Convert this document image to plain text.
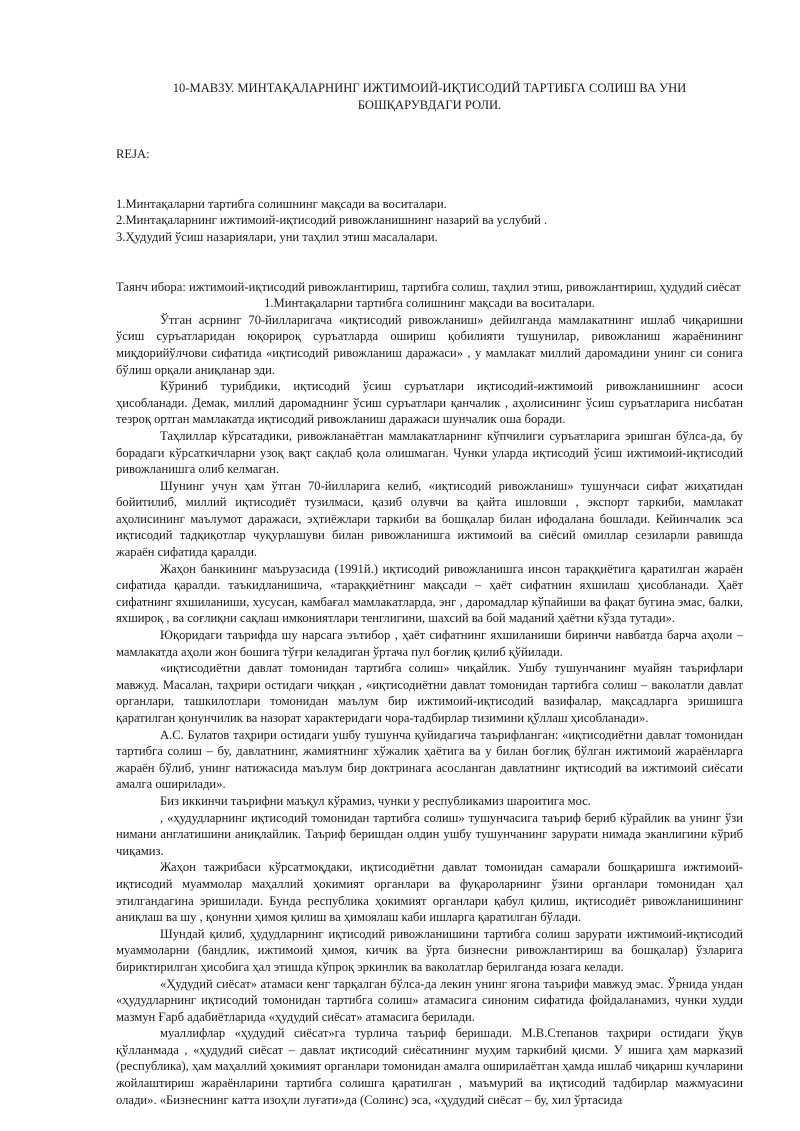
10-МАВЗУ. МИНТАҚАЛАРНИНГ ИЖТИМОИЙ-ИҚТИСОДИЙ ТАРТИБГА СОЛИШ ВА УНИ
БОШҚАРУВДАГИ РОЛИ.
REJA:
1.Минтақаларни тартибга солишнинг мақсади ва воситалари.
2.Минтақаларнинг ижтимоий-иқтисодий ривожланишнинг назарий ва услубий .
3.Ҳудудий ўсиш назариялари, уни таҳлил этиш масалалари.

Таянч ибора: ижтимоий-иқтисодий ривожлантириш, тартибга солиш, таҳлил этиш, ривожлантириш, ҳудудий сиёсат

1.Минтақаларни тартибга солишнинг мақсади ва воситалари.

Ўтган асрнинг 70-йилларигача «иқтисодий ривожланиш» дейилганда мамлакатнинг ишлаб чиқаришни ўсиш суръатларидан юқорироқ суръатларда ошириш қобилияти тушунилар, ривожланиш жараёнининг миқдорийўлчови сифатида «иқтисодий ривожланиш даражаси» , у мамлакат миллий даромадини унинг си сонига бўлиш орқали аниқланар эди.

Кўриниб турибдики, иқтисодий ўсиш суръатлари иқтисодий-ижтимоий ривожланишнинг асоси ҳисобланади. Демак, миллий даромаднинг ўсиш суръатлари қанчалик , аҳолисининг ўсиш суръатларига нисбатан тезроқ ортган мамлакатда иқтисодий ривожланиш даражаси шунчалик оша боради.

Таҳлиллар кўрсатадики, ривожланаётган мамлакатларнинг кўпчилиги суръатларига эришган бўлса-да, бу борадаги кўрсаткичларни узоқ вақт сақлаб қола олишмаган. Чунки уларда иқтисодий ўсиш ижтимоий-иқтисодий ривожланишга олиб келмаган.

Шунинг учун ҳам ўтган 70-йилларига келиб, «иқтисодий ривожланиш» тушунчаси сифат жиҳатидан бойитилиб, миллий иқтисодиёт тузилмаси, қазиб олувчи ва қайта ишловши , экспорт таркиби, мамлакат аҳолисининг маълумот даражаси, эҳтиёжлари таркиби ва бошқалар билан ифодалана бошлади. Кейинчалик эса иқтисодий тадқиқотлар чуқурлашуви билан ривожланишга ижтимоий ва сиёсий омиллар сезиларли равишда жараён сифатида қаралди.

Жаҳон банкининг маърузасида (1991й.) иқтисодий ривожланишга инсон тараққиётига қаратилган жараён сифатида қаралди. таъкидланишича, «тараққиётнинг мақсади – ҳаёт сифатнин яхшилаш ҳисобланади. Ҳаёт сифатнинг яхшиланиши, хусусан, камбағал мамлакатларда, энг , даромадлар кўпайиши ва фақат бугина эмас, балки, яхшироқ , ва соғлиқни сақлаш имкониятлари тенглигини, шахсий ва бой маданий ҳаётни кўзда тутади».

Юқоридаги таърифда шу нарсага эътибор , ҳаёт сифатнинг яхшиланиши биринчи навбатда барча аҳоли – мамлакатда аҳоли жон бошига тўғри келадиган ўртача пул боғлиқ қилиб қўйилади.

«иқтисодиётни давлат томонидан тартибга солиш» чиқайлик. Ушбу тушунчанинг муайян таърифлари мавжуд. Масалан, таҳрири остидаги чиққан , «иқтисодиётни давлат томонидан тартибга солиш – ваколатли давлат органлари, ташкилотлари томонидан маълум бир ижтимоий-иқтисодий вазифалар, мақсадларга эришишга қаратилган қонунчилик ва назорат характеридаги чора-тадбирлар тизимини қўллаш ҳисобланади».

А.С. Булатов таҳрири остидаги ушбу тушунча қуйидагича таърифланган: «иқтисодиётни давлат томонидан тартибга солиш – бу, давлатнинг, жамиятнинг хўжалик ҳаётига ва у билан боғлиқ бўлган ижтимоий жараёнларга жараён бўлиб, унинг натижасида маълум бир доктринага асосланган давлатнинг иқтисодий ва ижтимоий сиёсати амалга оширилади».

Биз иккинчи таърифни маъқул кўрамиз, чунки у республикамиз шароитига мос.

, «ҳудудларнинг иқтисодий томонидан тартибга солиш» тушунчасига таъриф бериб кўрайлик ва унинг ўзи нимани англатишини аниқлайлик. Таъриф беришдан олдин ушбу тушунчанинг зарурати нимада эканлигини кўриб чиқамиз.

Жаҳон тажрибаси кўрсатмоқдаки, иқтисодиётни давлат томонидан самарали бошқаришга ижтимоий-иқтисодий муаммолар маҳаллий ҳокимият органлари ва фуқароларнинг ўзини органлари томонидан ҳал этилгандагина эришилади. Бунда республика ҳокимият органлари қабул қилиш, иқтисодиёт ривожланишининг аниқлаш ва шу , қонунни ҳимоя қилиш ва ҳимоялаш каби ишларга қаратилган бўлади.

Шундай қилиб, ҳудудларнинг иқтисодий ривожланишини тартибга солиш зарурати ижтимоий-иқтисодий муаммоларни (бандлик, ижтимоий ҳимоя, кичик ва ўрта бизнесни ривожлантириш ва бошқалар) ўзларига бириктирилган ҳисобига ҳал этишда кўпроқ эркинлик ва ваколатлар берилганда юзага келади.

«Ҳудудий сиёсат» атамаси кенг тарқалган бўлса-да лекин унинг ягона таърифи мавжуд эмас. Ўрнида ундан «ҳудудларнинг иқтисодий томонидан тартибга солиш» атамасига синоним сифатида фойдаланамиз, чунки худди мазмун Ғарб адабиётларида «ҳудудий сиёсат» атамасига берилади.

муаллифлар «ҳудудий сиёсат»га турлича таъриф беришади. М.В.Степанов таҳрири остидаги ўқув қўлланмада , «ҳудудий сиёсат – давлат иқтисодий сиёсатининг муҳим таркибий қисми. У ишига ҳам марказий (республика), ҳам маҳаллий ҳокимият органлари томонидан амалга оширилаётган ҳамда ишлаб чиқариш кучларини жойлаштириш жараёнларини тартибга солишга қаратилган , маъмурий ва иқтисодий тадбирлар мажмуасини олади». «Бизнеснинг катта изоҳли луғати»да (Солинс) эса, «ҳудудий сиёсат – бу, хил ўртасида
